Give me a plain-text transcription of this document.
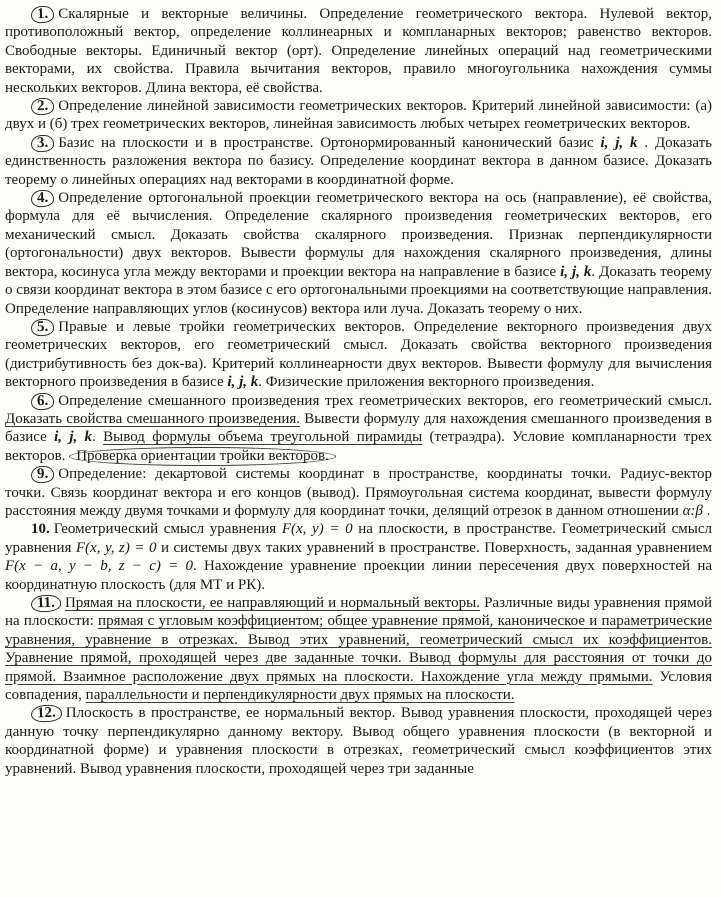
1. Скалярные и векторные величины. Определение геометрического вектора. Нулевой вектор, противоположный вектор, определение коллинеарных и компланарных векторов; равенство векторов. Свободные векторы. Единичный вектор (орт). Определение линейных операций над геометрическими векторами, их свойства. Правила вычитания векторов, правило многоугольника нахождения суммы нескольких векторов. Длина вектора, её свойства.

2. Определение линейной зависимости геометрических векторов. Критерий линейной зависимости: (а) двух и (б) трех геометрических векторов, линейная зависимость любых четырех геометрических векторов.

3. Базис на плоскости и в пространстве. Ортонормированный канонический базис i, j, k . Доказать единственность разложения вектора по базису. Определение координат вектора в данном базисе. Доказать теорему о линейных операциях над векторами в координатной форме.

4. Определение ортогональной проекции геометрического вектора на ось (направление), её свойства, формула для её вычисления. Определение скалярного произведения геометрических векторов, его механический смысл. Доказать свойства скалярного произведения. Признак перпендикулярности (ортогональности) двух векторов. Вывести формулы для нахождения скалярного произведения, длины вектора, косинуса угла между векторами и проекции вектора на направление в базисе i, j, k. Доказать теорему о связи координат вектора в этом базисе с его ортогональными проекциями на соответствующие направления. Определение направляющих углов (косинусов) вектора или луча. Доказать теорему о них.

5. Правые и левые тройки геометрических векторов. Определение векторного произведения двух геометрических векторов, его геометрический смысл. Доказать свойства векторного произведения (дистрибутивность без док-ва). Критерий коллинеарности двух векторов. Вывести формулу для вычисления векторного произведения в базисе i, j, k. Физические приложения векторного произведения.

6. Определение смешанного произведения трех геометрических векторов, его геометрический смысл. Доказать свойства смешанного произведения. Вывести формулу для нахождения смешанного произведения в базисе i, j, k. Вывод формулы объема треугольной пирамиды (тетраэдра). Условие компланарности трех векторов. Проверка ориентации тройки векторов.

9. Определение: декартовой системы координат в пространстве, координаты точки. Радиус-вектор точки. Связь координат вектора и его концов (вывод). Прямоугольная система координат, вывести формулу расстояния между двумя точками и формулу для координат точки, делящий отрезок в данном отношении α:β .

10. Геометрический смысл уравнения F(x, y) = 0 на плоскости, в пространстве. Геометрический смысл уравнения F(x, y, z) = 0 и системы двух таких уравнений в пространстве. Поверхность, заданная уравнением F(x − a, y − b, z − c) = 0. Нахождение уравнение проекции линии пересечения двух поверхностей на координатную плоскость (для МТ и РК).

11. Прямая на плоскости, ее направляющий и нормальный векторы. Различные виды уравнения прямой на плоскости: прямая с угловым коэффициентом; общее уравнение прямой, каноническое и параметрические уравнения, уравнение в отрезках. Вывод этих уравнений, геометрический смысл их коэффициентов. Уравнение прямой, проходящей через две заданные точки. Вывод формулы для расстояния от точки до прямой. Взаимное расположение двух прямых на плоскости. Нахождение угла между прямыми. Условия совпадения, параллельности и перпендикулярности двух прямых на плоскости.

12. Плоскость в пространстве, ее нормальный вектор. Вывод уравнения плоскости, проходящей через данную точку перпендикулярно данному вектору. Вывод общего уравнения плоскости (в векторной и координатной форме) и уравнения плоскости в отрезках, геометрический смысл коэффициентов этих уравнений. Вывод уравнения плоскости, проходящей через три заданные
